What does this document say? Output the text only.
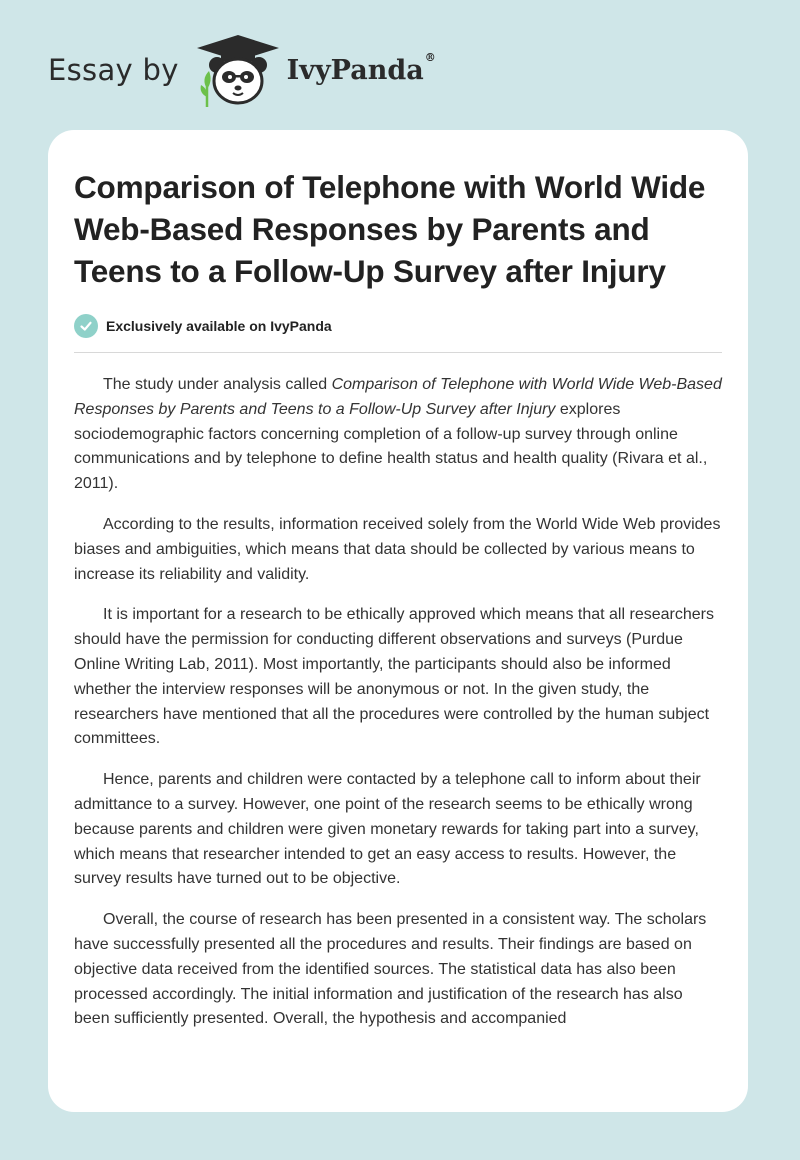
Essay by	IvyPanda®
Comparison of Telephone with World Wide Web-Based Responses by Parents and Teens to a Follow-Up Survey after Injury
Exclusively available on IvyPanda

The study under analysis called Comparison of Telephone with World Wide Web-Based Responses by Parents and Teens to a Follow-Up Survey after Injury explores sociodemographic factors concerning completion of a follow-up survey through online communications and by telephone to define health status and health quality (Rivara et al., 2011).

According to the results, information received solely from the World Wide Web provides biases and ambiguities, which means that data should be collected by various means to increase its reliability and validity.

It is important for a research to be ethically approved which means that all researchers should have the permission for conducting different observations and surveys (Purdue Online Writing Lab, 2011). Most importantly, the participants should also be informed whether the interview responses will be anonymous or not. In the given study, the researchers have mentioned that all the procedures were controlled by the human subject committees.

Hence, parents and children were contacted by a telephone call to inform about their admittance to a survey. However, one point of the research seems to be ethically wrong because parents and children were given monetary rewards for taking part into a survey, which means that researcher intended to get an easy access to results. However, the survey results have turned out to be objective.

Overall, the course of research has been presented in a consistent way. The scholars have successfully presented all the procedures and results. Their findings are based on objective data received from the identified sources. The statistical data has also been processed accordingly. The initial information and justification of the research has also been sufficiently presented. Overall, the hypothesis and accompanied
